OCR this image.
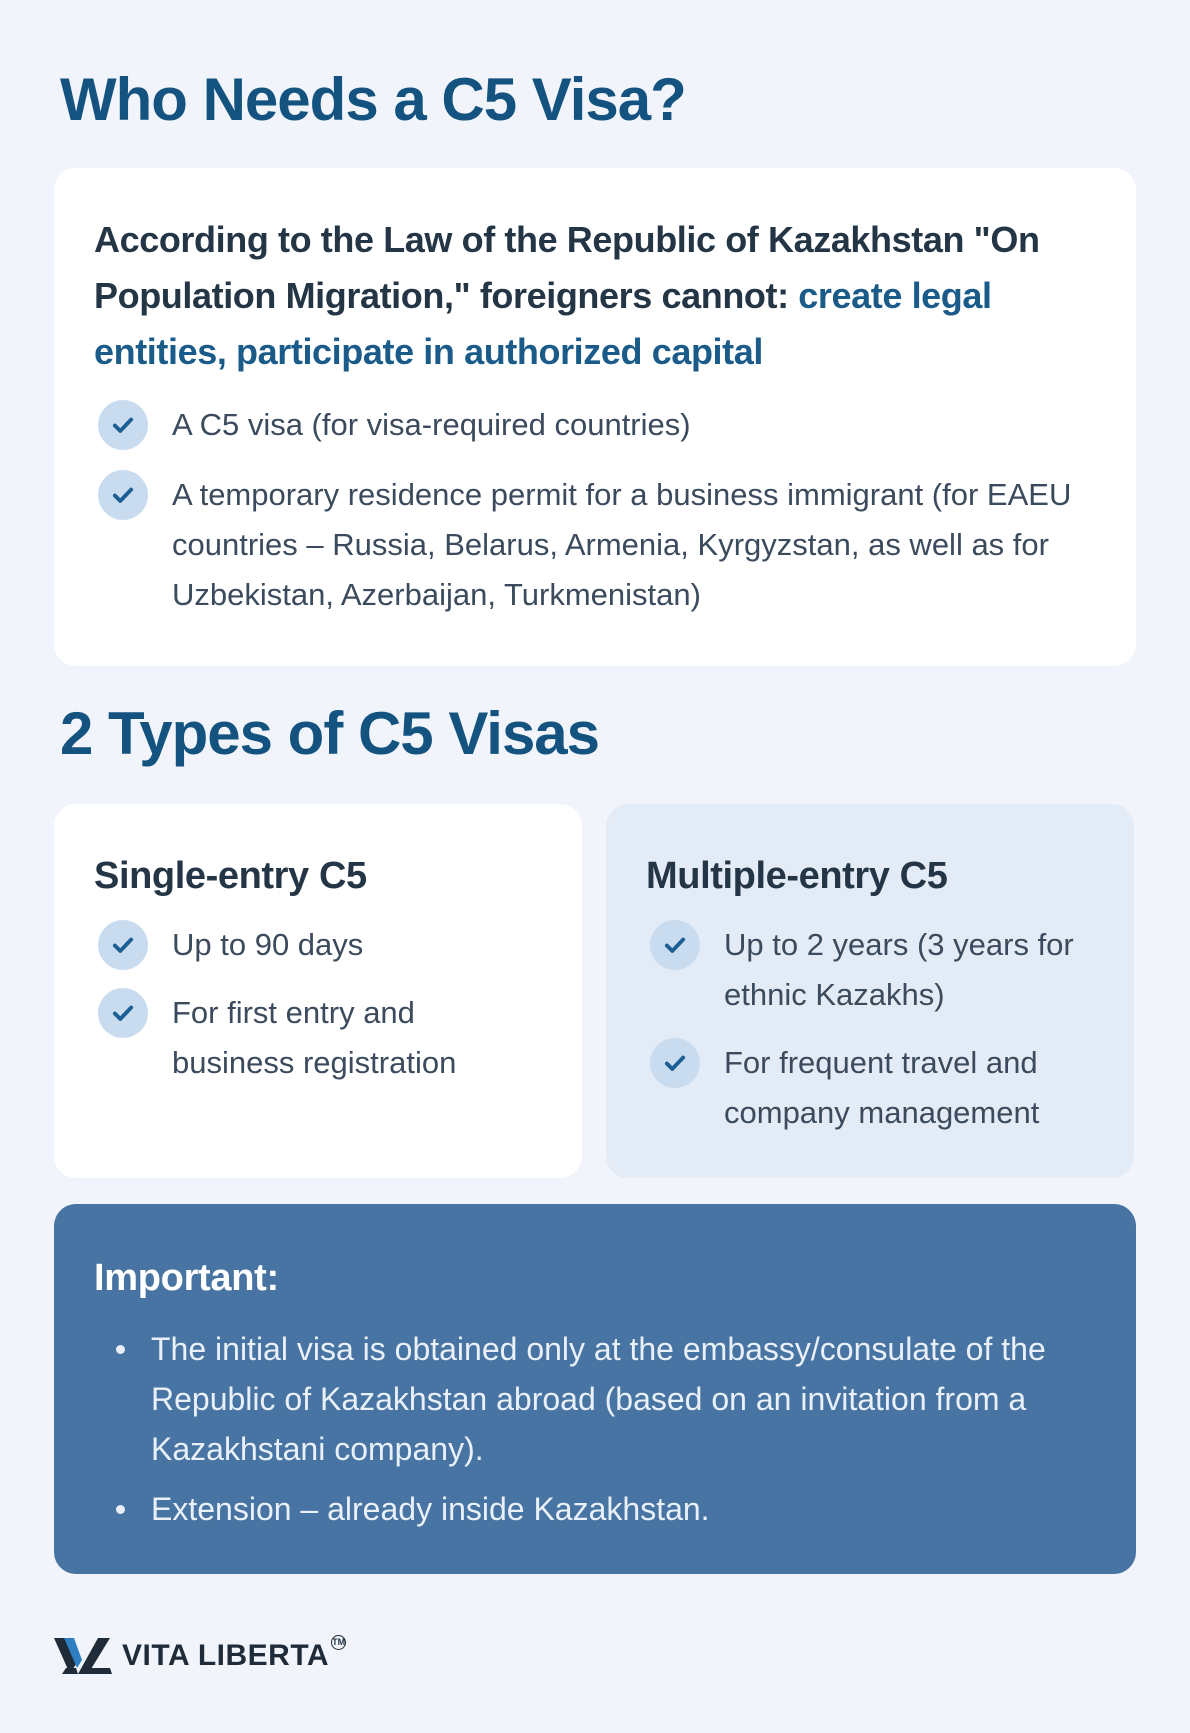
Who Needs a C5 Visa?

According to the Law of the Republic of Kazakhstan "On Population Migration," foreigners cannot: create legal entities, participate in authorized capital

A C5 visa (for visa-required countries)
A temporary residence permit for a business immigrant (for EAEU countries – Russia, Belarus, Armenia, Kyrgyzstan, as well as for Uzbekistan, Azerbaijan, Turkmenistan)
2 Types of C5 Visas
Single-entry C5
Up to 90 days
For first entry and business registration
Multiple-entry C5
Up to 2 years (3 years for ethnic Kazakhs)
For frequent travel and company management
Important:
The initial visa is obtained only at the embassy/consulate of the Republic of Kazakhstan abroad (based on an invitation from a Kazakhstani company).
Extension – already inside Kazakhstan.
VITA LIBERTA TM
